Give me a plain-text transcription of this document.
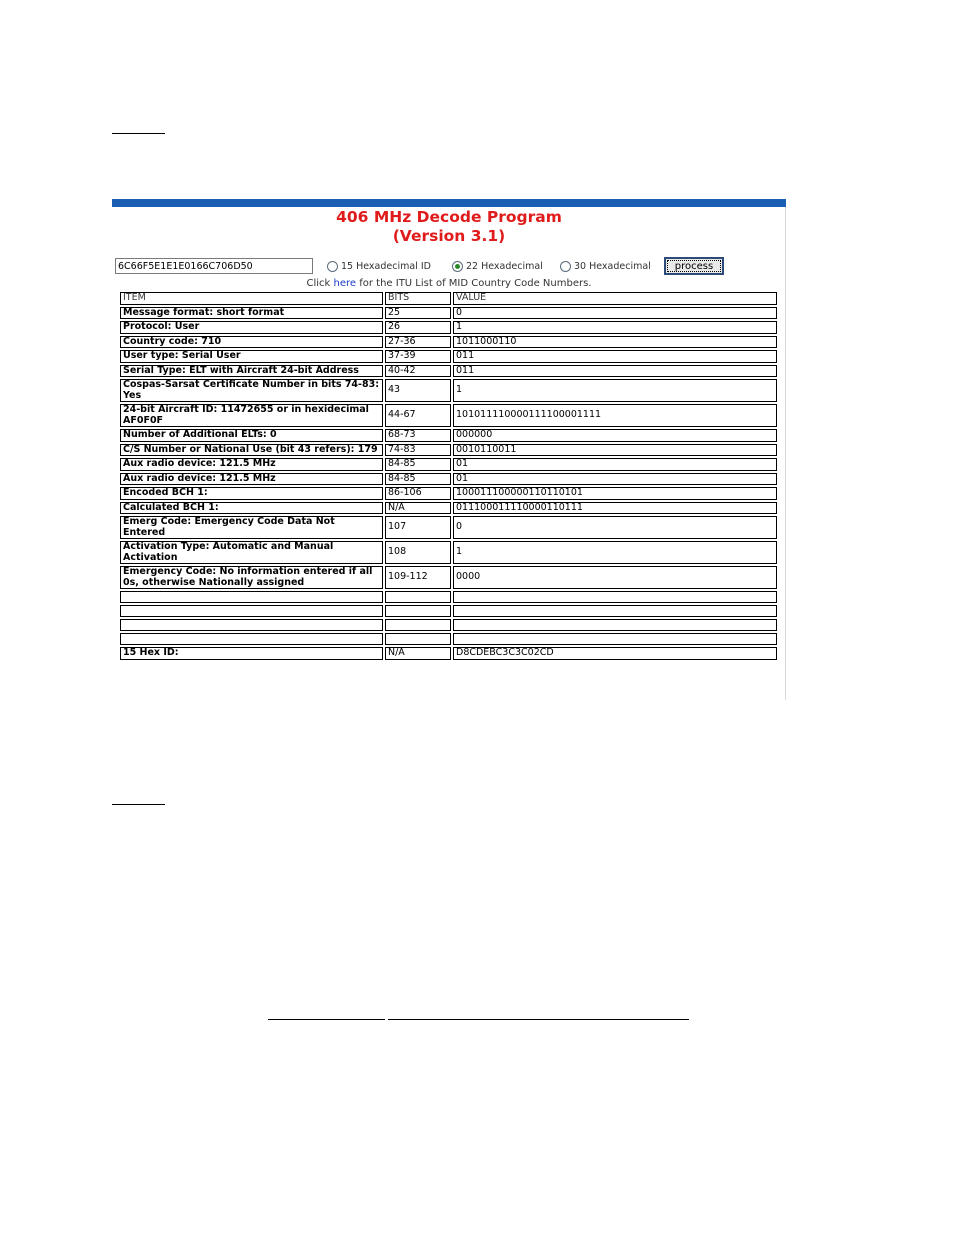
406 MHz Decode Program
(Version 3.1)
6C66F5E1E1E0166C706D50
15 Hexadecimal ID	22 Hexadecimal	30 Hexadecimal	process
Click here for the ITU List of MID Country Code Numbers.
ITEM	BITS	VALUE
Message format: short format	25	0
Protocol: User	26	1
Country code: 710	27-36	1011000110
User type: Serial User	37-39	011
Serial Type: ELT with Aircraft 24-bit Address	40-42	011
Cospas-Sarsat Certificate Number in bits 74-83: Yes	43	1
24-bit Aircraft ID: 11472655 or in hexidecimal AF0F0F	44-67	101011110000111100001111
Number of Additional ELTs: 0	68-73	000000
C/S Number or National Use (bit 43 refers): 179	74-83	0010110011
Aux radio device: 121.5 MHz	84-85	01
Aux radio device: 121.5 MHz	84-85	01
Encoded BCH 1:	86-106	100011100000110110101
Calculated BCH 1:	N/A	011100011110000110111
Emerg Code: Emergency Code Data Not Entered	107	0
Activation Type: Automatic and Manual Activation	108	1
Emergency Code: No information entered if all 0s, otherwise Nationally assigned	109-112	0000

15 Hex ID:	N/A	D8CDEBC3C3C02CD
